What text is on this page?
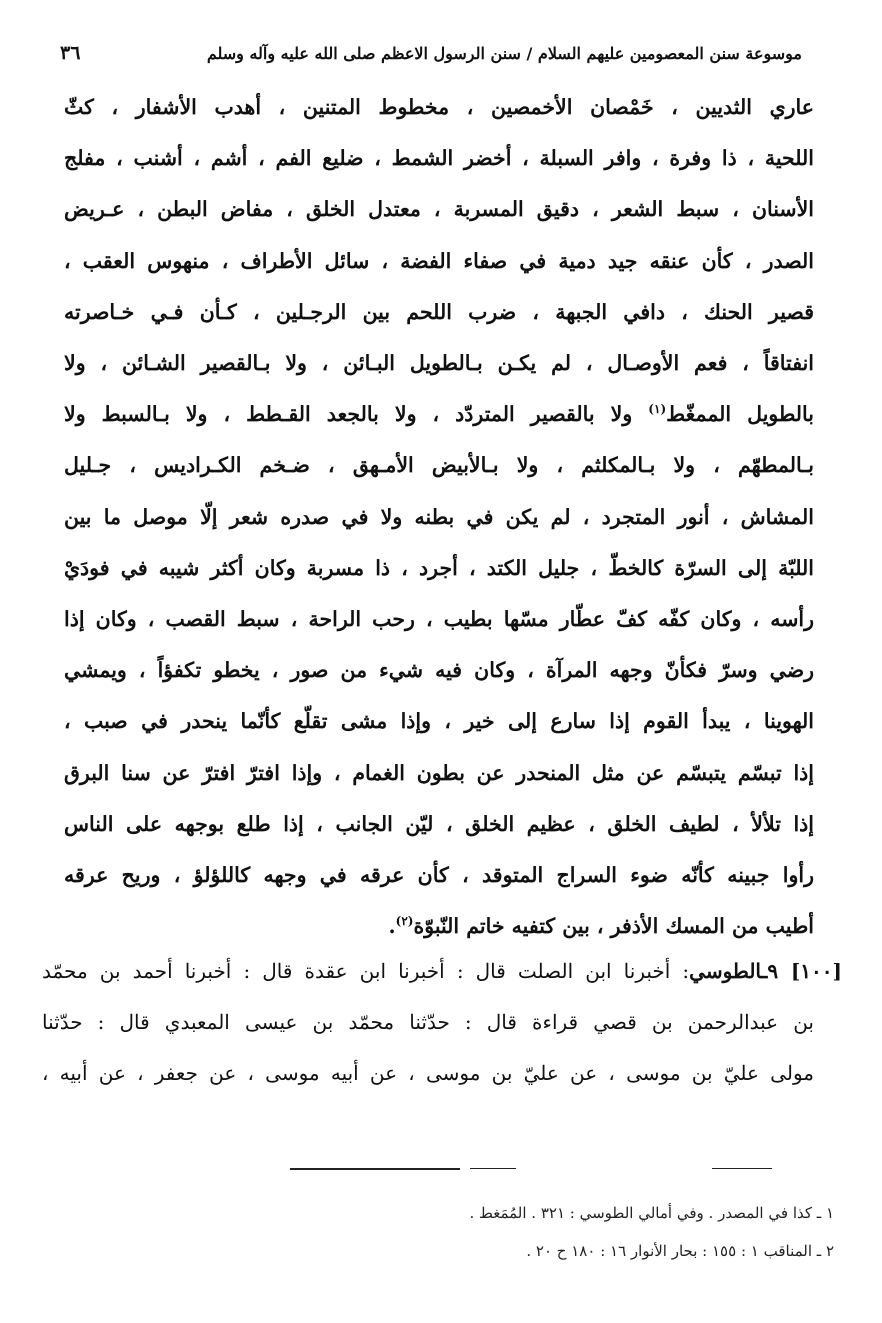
موسوعة سنن المعصومين عليهم السلام / سنن الرسول الاعظم صلى الله عليه وآله وسلم
٣٦
عاري الثديين ، خَمْصان الأخمصين ، مخطوط المتنين ، أهدب الأشفار ، كثّ
اللحية ، ذا وفرة ، وافر السبلة ، أخضر الشمط ، ضليع الفم ، أشم ، أشنب ، مفلج
الأسنان ، سبط الشعر ، دقيق المسربة ، معتدل الخلق ، مفاض البطن ، عـريض
الصدر ، كأن عنقه جيد دمية في صفاء الفضة ، سائل الأطراف ، منهوس العقب ،
قصير الحنك ، دافي الجبهة ، ضرب اللحم بين الرجـلين ، كـأن فـي خـاصرته
انفتاقاً ، فعم الأوصـال ، لم يكـن بـالطويل البـائن ، ولا بـالقصير الشـائن ، ولا
بالطويل الممغّط$^{(١)}$ ولا بالقصير المتردّد ، ولا بالجعد القـطط ، ولا بـالسبط ولا
بـالمطهّم ، ولا بـالمكلثم ، ولا بـالأبيض الأمـهق ، ضـخم الكـراديس ، جـليل
المشاش ، أنور المتجرد ، لم يكن في بطنه ولا في صدره شعر إلّا موصل ما بين
اللبّة إلى السرّة كالخطّ ، جليل الكتد ، أجرد ، ذا مسربة وكان أكثر شيبه في فودَيْ
رأسه ، وكان كفّه كفّ عطّار مسّها بطيب ، رحب الراحة ، سبط القصب ، وكان إذا
رضي وسرّ فكأنّ وجهه المرآة ، وكان فيه شيء من صور ، يخطو تكفؤاً ، ويمشي
الهوينا ، يبدأ القوم إذا سارع إلى خير ، وإذا مشى تقلّع كأنّما ينحدر في صبب ،
إذا تبسّم يتبسّم عن مثل المنحدر عن بطون الغمام ، وإذا افترّ افترّ عن سنا البرق
إذا تلألأ ، لطيف الخلق ، عظيم الخلق ، ليّن الجانب ، إذا طلع بوجهه على الناس
رأوا جبينه كأنّه ضوء السراج المتوقد ، كأن عرقه في وجهه كاللؤلؤ ، وريح عرقه
أطيب من المسك الأذفر ، بين كتفيه خاتم النّبوّة$^{(٢)}$.
[١٠٠] ٩ـالطوسي: أخبرنا ابن الصلت قال : أخبرنا ابن عقدة قال : أخبرنا أحمد بن محمّد
بن عبدالرحمن بن قصي قراءة قال : حدّثنا محمّد بن عيسى المعبدي قال : حدّثنا
مولى عليّ بن موسى ، عن عليّ بن موسى ، عن أبيه موسى ، عن جعفر ، عن أبيه ،
١ ـ كذا في المصدر . وفي أمالي الطوسي : ٣٢١ . المُمَغط .
٢ ـ المناقب ١ : ١٥٥ : بحار الأنوار ١٦ : ١٨٠ ح ٢٠ .
